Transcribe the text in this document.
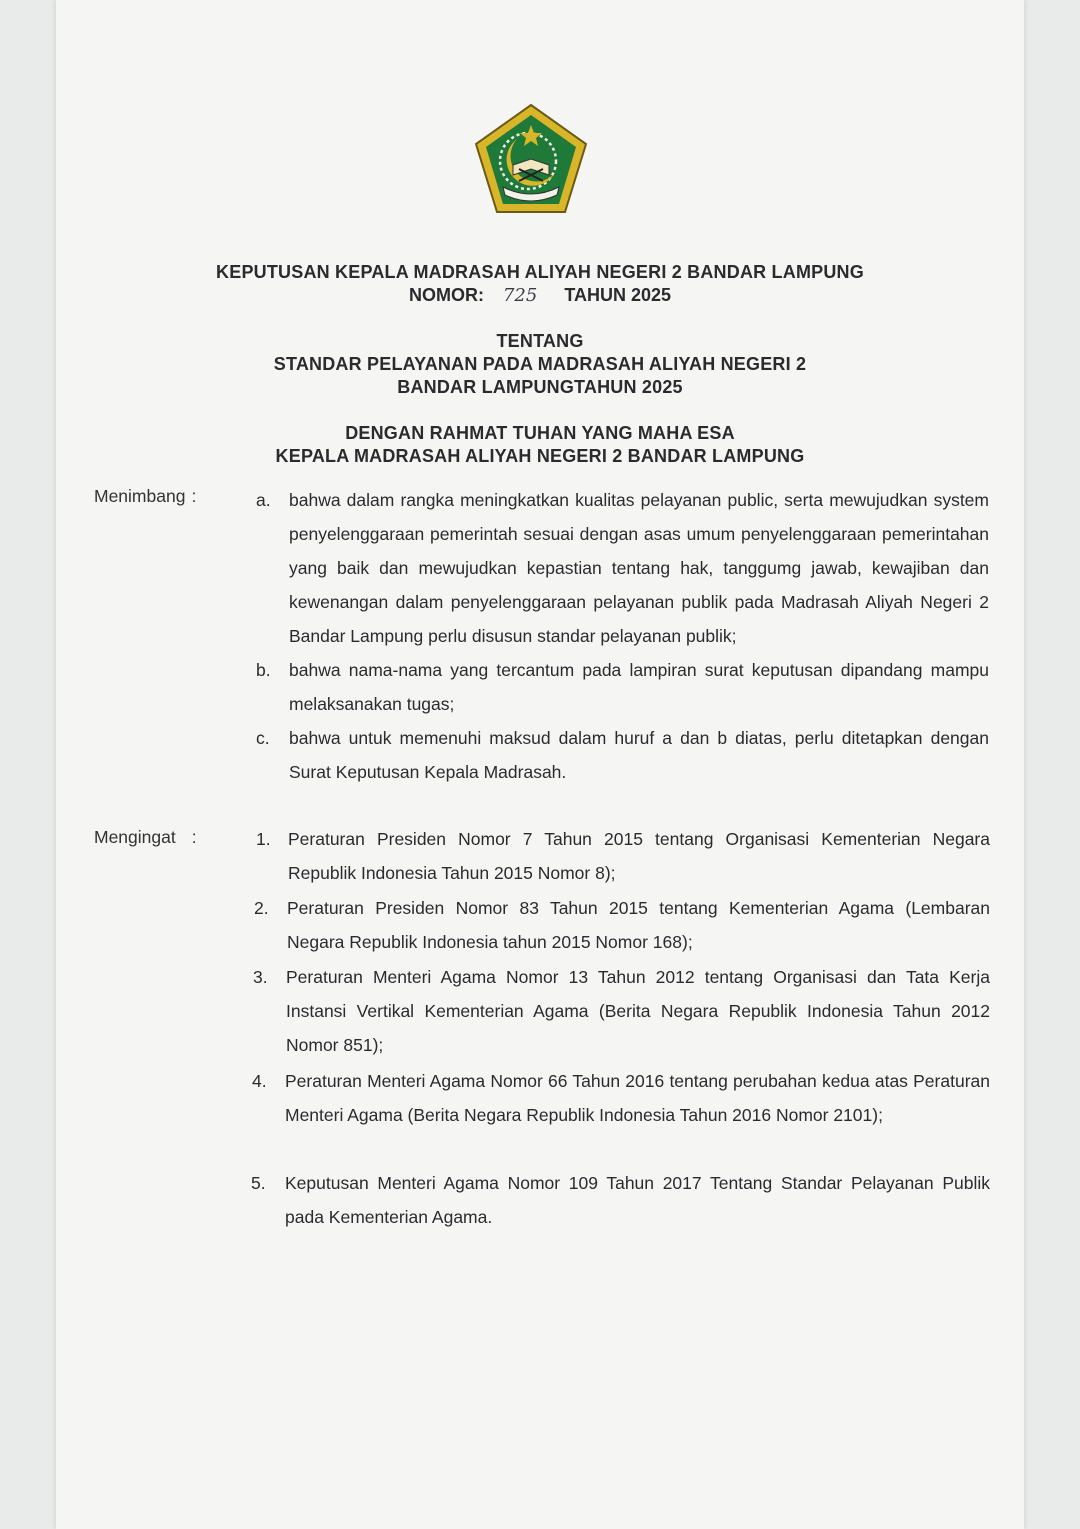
KEPUTUSAN KEPALA MADRASAH ALIYAH NEGERI 2 BANDAR LAMPUNG
NOMOR: 725 TAHUN 2025
TENTANG
STANDAR PELAYANAN PADA MADRASAH ALIYAH NEGERI 2
BANDAR LAMPUNGTAHUN 2025
DENGAN RAHMAT TUHAN YANG MAHA ESA
KEPALA MADRASAH ALIYAH NEGERI 2 BANDAR LAMPUNG
Menimbang :	a. bahwa dalam rangka meningkatkan kualitas pelayanan public, serta mewujudkan system penyelenggaraan pemerintah sesuai dengan asas umum penyelenggaraan pemerintahan yang baik dan mewujudkan kepastian tentang hak, tanggumg jawab, kewajiban dan kewenangan dalam penyelenggaraan pelayanan publik pada Madrasah Aliyah Negeri 2 Bandar Lampung perlu disusun standar pelayanan publik;
b. bahwa nama-nama yang tercantum pada lampiran surat keputusan dipandang mampu melaksanakan tugas;
c. bahwa untuk memenuhi maksud dalam huruf a dan b diatas, perlu ditetapkan dengan Surat Keputusan Kepala Madrasah.
Mengingat :	1. Peraturan Presiden Nomor 7 Tahun 2015 tentang Organisasi Kementerian Negara Republik Indonesia Tahun 2015 Nomor 8);
2. Peraturan Presiden Nomor 83 Tahun 2015 tentang Kementerian Agama (Lembaran Negara Republik Indonesia tahun 2015 Nomor 168);
3. Peraturan Menteri Agama Nomor 13 Tahun 2012 tentang Organisasi dan Tata Kerja Instansi Vertikal Kementerian Agama (Berita Negara Republik Indonesia Tahun 2012 Nomor 851);
4. Peraturan Menteri Agama Nomor 66 Tahun 2016 tentang perubahan kedua atas Peraturan Menteri Agama (Berita Negara Republik Indonesia Tahun 2016 Nomor 2101);
5. Keputusan Menteri Agama Nomor 109 Tahun 2017 Tentang Standar Pelayanan Publik pada Kementerian Agama.
